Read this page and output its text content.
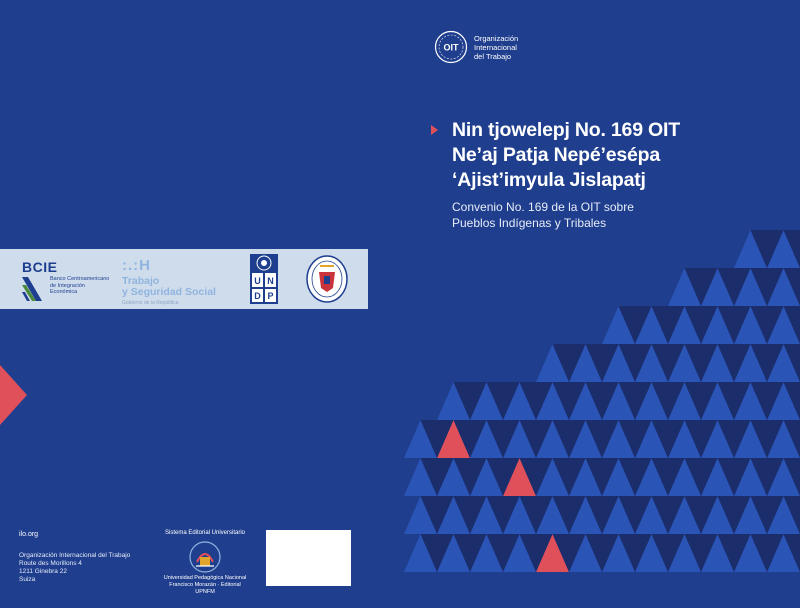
OIT
Organización
Internacional
del Trabajo
Nin tjowelepj No. 169 OIT
Ne’aj Patja Nepé’esépa
‘Ajist’imyula Jislapatj
Convenio No. 169 de la OIT sobre
Pueblos Indígenas y Tribales
BCIE
Banco Centroamericano de Integración Económica
:.:H
Trabajo
y Seguridad Social
Gobierno de la República
U N
D P
ilo.org
Organización Internacional del Trabajo
Route des Morillons 4
1211 Ginebra 22
Suiza
Sistema Editorial Universitario
Universidad Pedagógica Nacional
Francisco Morazán · Editorial UPNFM
